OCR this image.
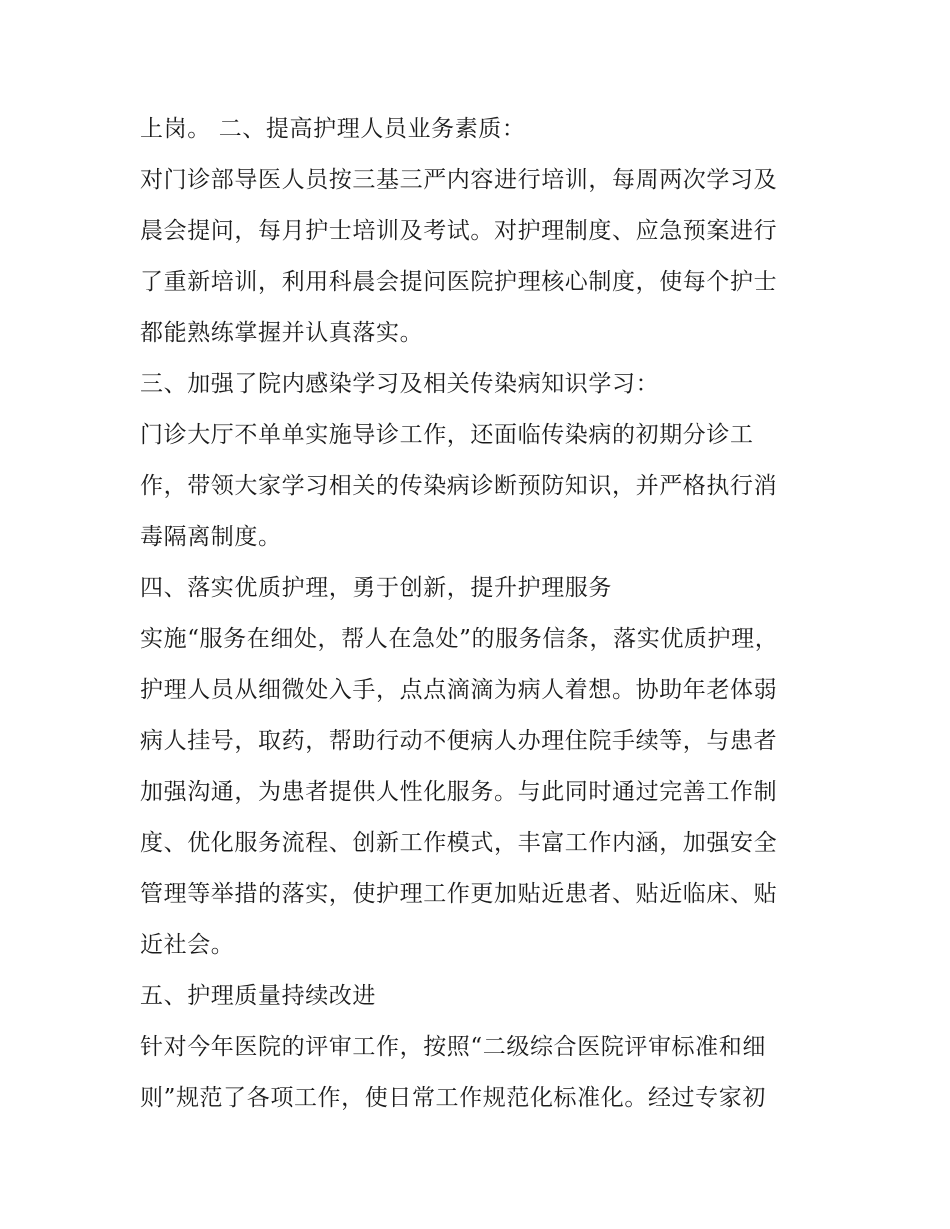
上岗。 二、提高护理人员业务素质：
对门诊部导医人员按三基三严内容进行培训，每周两次学习及
晨会提问，每月护士培训及考试。对护理制度、应急预案进行
了重新培训，利用科晨会提问医院护理核心制度，使每个护士
都能熟练掌握并认真落实。
三、加强了院内感染学习及相关传染病知识学习：
门诊大厅不单单实施导诊工作，还面临传染病的初期分诊工
作，带领大家学习相关的传染病诊断预防知识，并严格执行消
毒隔离制度。
四、落实优质护理，勇于创新，提升护理服务
实施“服务在细处，帮人在急处”的服务信条，落实优质护理，
护理人员从细微处入手，点点滴滴为病人着想。协助年老体弱
病人挂号，取药，帮助行动不便病人办理住院手续等，与患者
加强沟通，为患者提供人性化服务。与此同时通过完善工作制
度、优化服务流程、创新工作模式，丰富工作内涵，加强安全
管理等举措的落实，使护理工作更加贴近患者、贴近临床、贴
近社会。
五、护理质量持续改进
针对今年医院的评审工作，按照“二级综合医院评审标准和细
则”规范了各项工作，使日常工作规范化标准化。经过专家初
